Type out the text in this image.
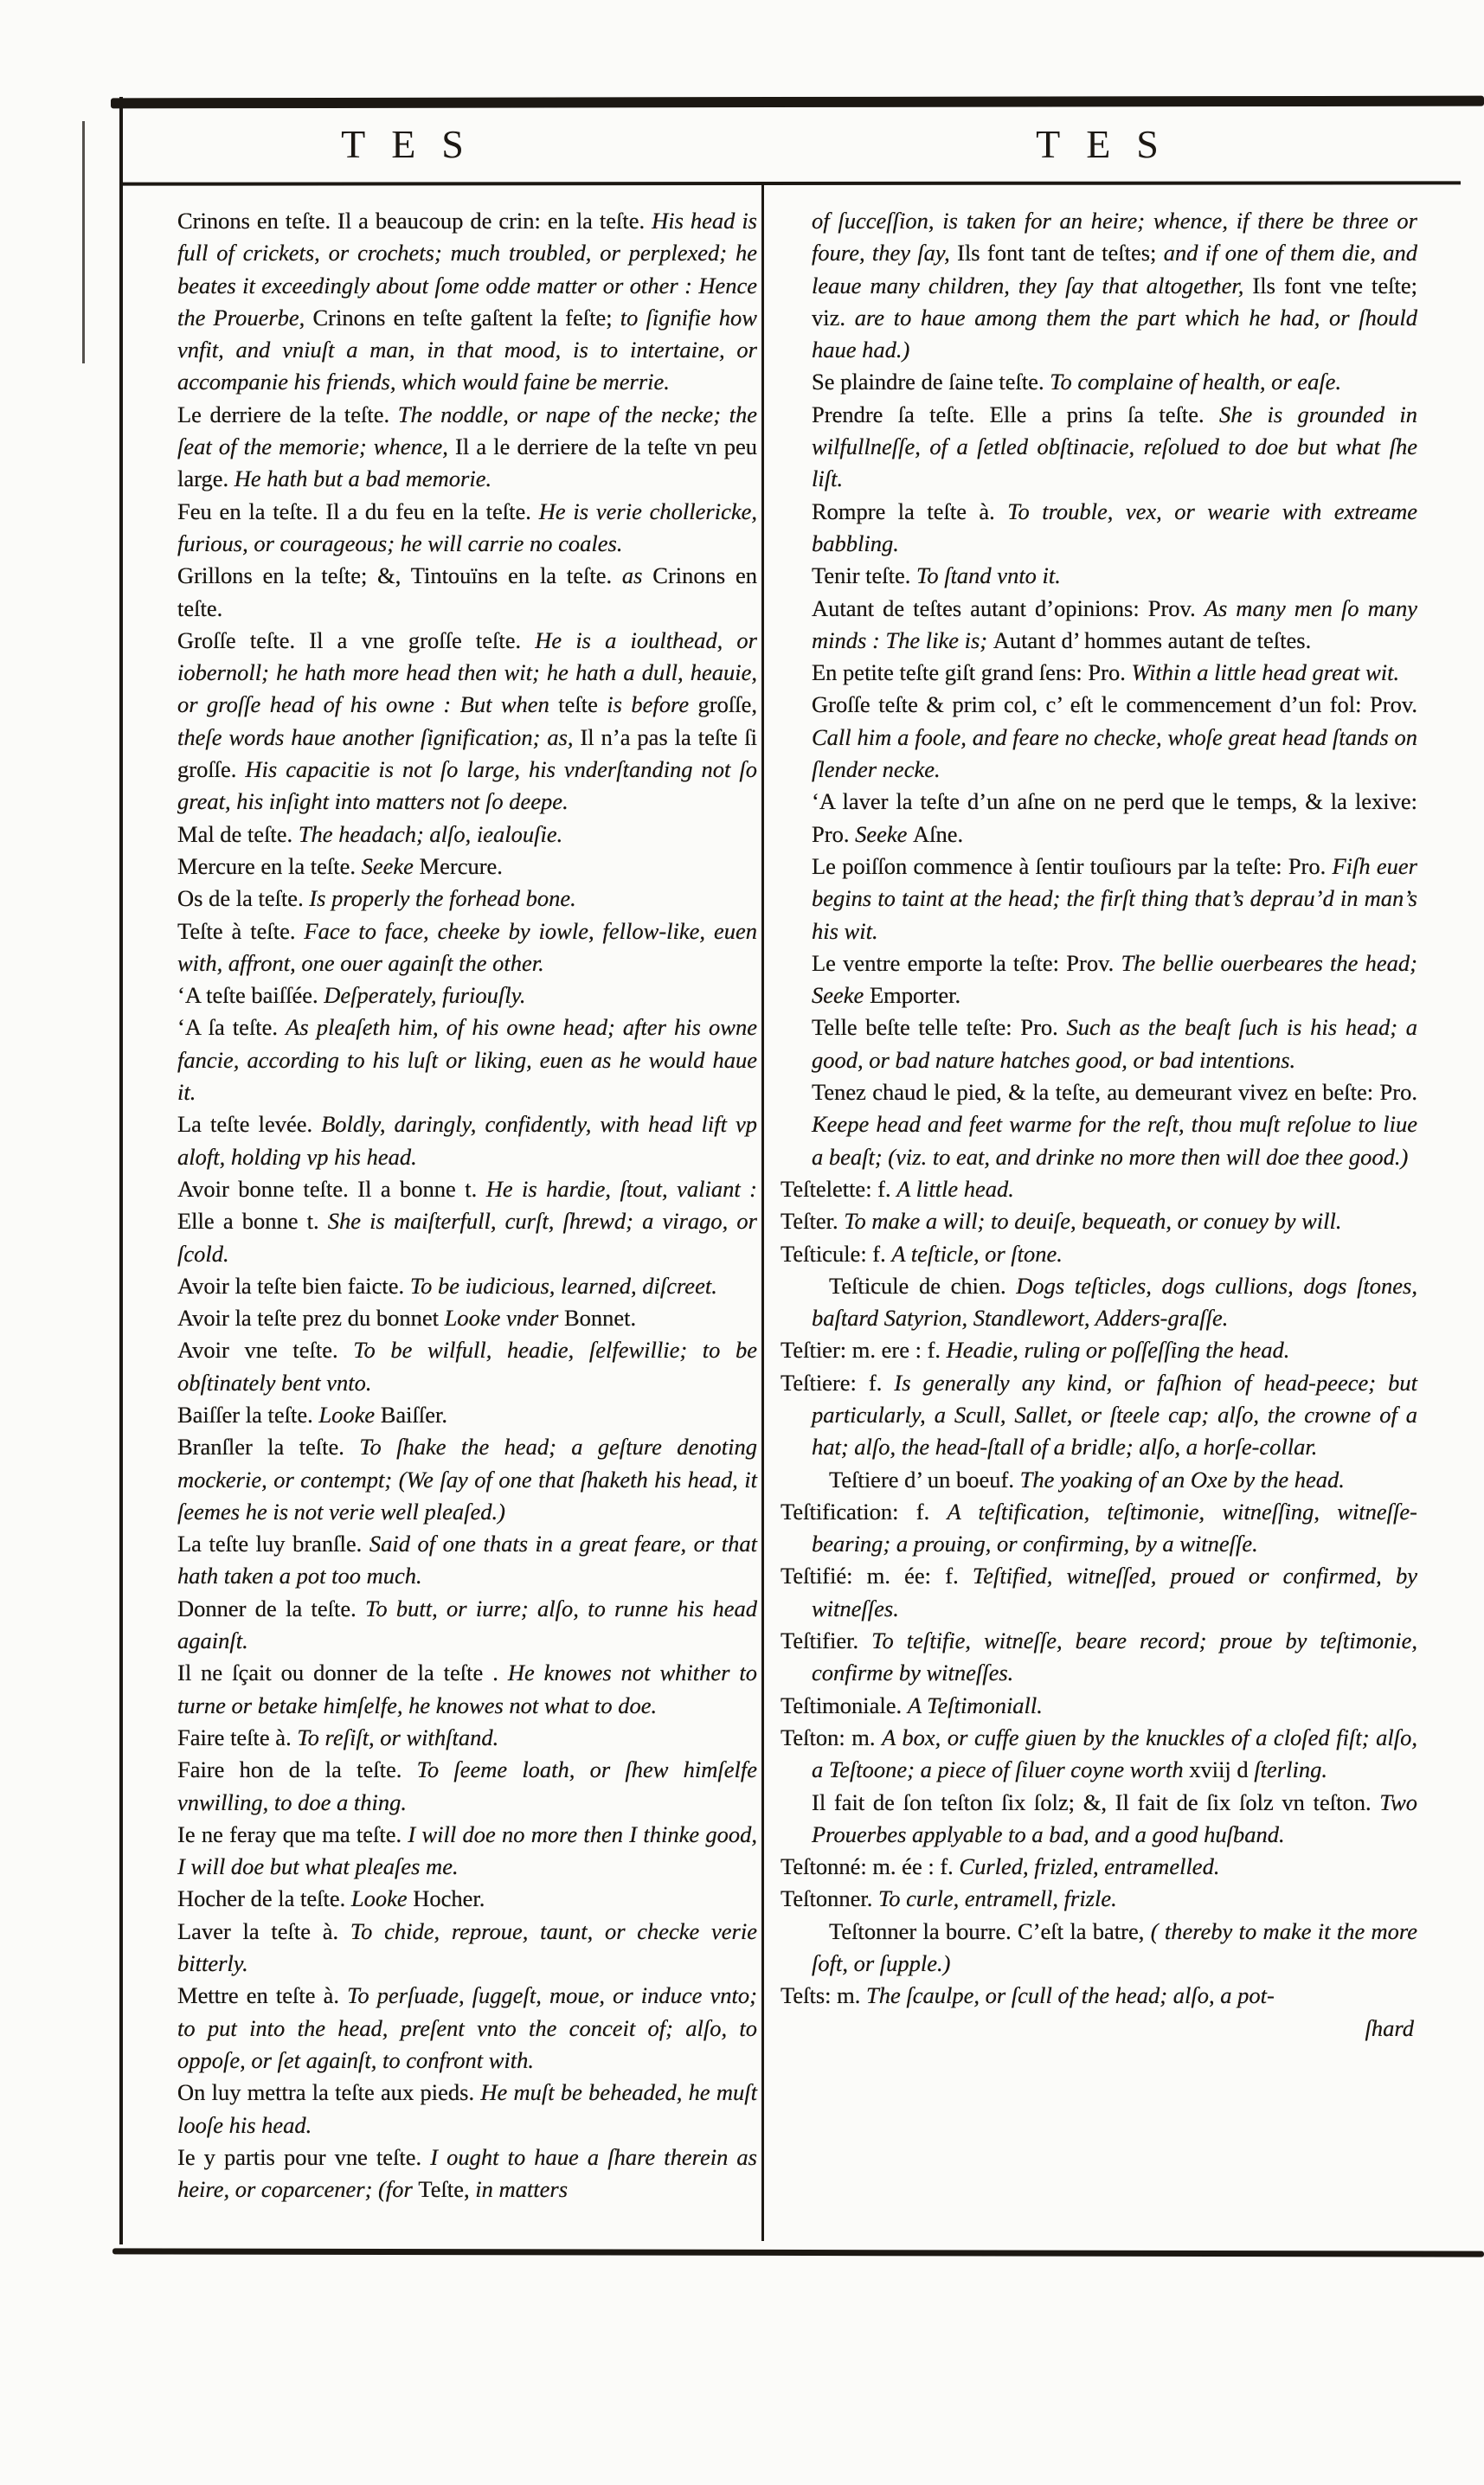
TES	TES

Crinons en teſte. Il a beaucoup de crin: en la teſte. His head is full of crickets, or crochets; much troubled, or perplexed; he beates it exceedingly about ſome odde matter or other : Hence the Prouerbe, Crinons en teſte gaſtent la feſte; to ſignifie how vnfit, and vniuſt a man, in that mood, is to intertaine, or accompanie his friends, which would faine be merrie.

Le derriere de la teſte. The noddle, or nape of the necke; the ſeat of the memorie; whence, Il a le derriere de la teſte vn peu large. He hath but a bad memorie.

Feu en la teſte. Il a du feu en la teſte. He is verie chollericke, furious, or courageous; he will carrie no coales.

Grillons en la teſte; &, Tintouïns en la teſte. as Crinons en teſte.

Groſſe teſte. Il a vne groſſe teſte. He is a ioulthead, or iobernoll; he hath more head then wit; he hath a dull, heauie, or groſſe head of his owne : But when teſte is before groſſe, theſe words haue another ſignification; as, Il n’a pas la teſte ſi groſſe. His capacitie is not ſo large, his vnderſtanding not ſo great, his inſight into matters not ſo deepe.

Mal de teſte. The headach; alſo, iealouſie.

Mercure en la teſte. Seeke Mercure.

Os de la teſte. Is properly the forhead bone.

Teſte à teſte. Face to face, cheeke by iowle, fellow-like, euen with, affront, one ouer againſt the other.

‘A teſte baiſſée. Deſperately, furiouſly.

‘A ſa teſte. As pleaſeth him, of his owne head; after his owne fancie, according to his luſt or liking, euen as he would haue it.

La teſte levée. Boldly, daringly, confidently, with head lift vp aloft, holding vp his head.

Avoir bonne teſte. Il a bonne t. He is hardie, ſtout, valiant : Elle a bonne t. She is maiſterfull, curſt, ſhrewd; a virago, or ſcold.

Avoir la teſte bien faicte. To be iudicious, learned, diſcreet.

Avoir la teſte prez du bonnet Looke vnder Bonnet.

Avoir vne teſte. To be wilfull, headie, ſelfewillie; to be obſtinately bent vnto.

Baiſſer la teſte. Looke Baiſſer.

Branſler la teſte. To ſhake the head; a geſture denoting mockerie, or contempt; (We ſay of one that ſhaketh his head, it ſeemes he is not verie well pleaſed.)

La teſte luy branſle. Said of one thats in a great feare, or that hath taken a pot too much.

Donner de la teſte. To butt, or iurre; alſo, to runne his head againſt.

Il ne ſçait ou donner de la teſte . He knowes not whither to turne or betake himſelfe, he knowes not what to doe.

Faire teſte à. To reſiſt, or withſtand.

Faire hon de la teſte. To ſeeme loath, or ſhew himſelfe vnwilling, to doe a thing.

Ie ne feray que ma teſte. I will doe no more then I thinke good, I will doe but what pleaſes me.

Hocher de la teſte. Looke Hocher.

Laver la teſte à. To chide, reproue, taunt, or checke verie bitterly.

Mettre en teſte à. To perſuade, ſuggeſt, moue, or induce vnto; to put into the head, preſent vnto the conceit of; alſo, to oppoſe, or ſet againſt, to confront with.

On luy mettra la teſte aux pieds. He muſt be beheaded, he muſt looſe his head.

Ie y partis pour vne teſte. I ought to haue a ſhare therein as heire, or coparcener; (for Teſte, in matters

of ſucceſſion, is taken for an heire; whence, if there be three or foure, they ſay, Ils font tant de teſtes; and if one of them die, and leaue many children, they ſay that altogether, Ils font vne teſte; viz. are to haue among them the part which he had, or ſhould haue had.)

Se plaindre de ſaine teſte. To complaine of health, or eaſe.

Prendre ſa teſte. Elle a prins ſa teſte. She is grounded in wilfullneſſe, of a ſetled obſtinacie, reſolued to doe but what ſhe liſt.

Rompre la teſte à. To trouble, vex, or wearie with extreame babbling.

Tenir teſte. To ſtand vnto it.

Autant de teſtes autant d’opinions: Prov. As many men ſo many minds : The like is; Autant d’ hommes autant de teſtes.

En petite teſte giſt grand ſens: Pro. Within a little head great wit.

Groſſe teſte & prim col, c’ eſt le commencement d’un fol: Prov. Call him a foole, and feare no checke, whoſe great head ſtands on ſlender necke.

‘A laver la teſte d’un aſne on ne perd que le temps, & la lexive: Pro. Seeke Aſne.

Le poiſſon commence à ſentir touſiours par la teſte: Pro. Fiſh euer begins to taint at the head; the firſt thing that’s deprau’d in man’s his wit.

Le ventre emporte la teſte: Prov. The bellie ouerbeares the head; Seeke Emporter.

Telle beſte telle teſte: Pro. Such as the beaſt ſuch is his head; a good, or bad nature hatches good, or bad intentions.

Tenez chaud le pied, & la teſte, au demeurant vivez en beſte: Pro. Keepe head and feet warme for the reſt, thou muſt reſolue to liue a beaſt; (viz. to eat, and drinke no more then will doe thee good.)

Teſtelette: f. A little head.

Teſter. To make a will; to deuiſe, bequeath, or conuey by will.

Teſticule: f. A teſticle, or ſtone.

Teſticule de chien. Dogs teſticles, dogs cullions, dogs ſtones, baſtard Satyrion, Standlewort, Adders-graſſe.

Teſtier: m. ere : f. Headie, ruling or poſſeſſing the head.

Teſtiere: f. Is generally any kind, or faſhion of head-peece; but particularly, a Scull, Sallet, or ſteele cap; alſo, the crowne of a hat; alſo, the head-ſtall of a bridle; alſo, a horſe-collar.

Teſtiere d’ un boeuf. The yoaking of an Oxe by the head.

Teſtification: f. A teſtification, teſtimonie, witneſſing, witneſſe-bearing; a prouing, or confirming, by a witneſſe.

Teſtifié: m. ée: f. Teſtified, witneſſed, proued or confirmed, by witneſſes.

Teſtifier. To teſtifie, witneſſe, beare record; proue by teſtimonie, confirme by witneſſes.

Teſtimoniale. A Teſtimoniall.

Teſton: m. A box, or cuffe giuen by the knuckles of a cloſed fiſt; alſo, a Teſtoone; a piece of ſiluer coyne worth xviij d ſterling.

Il fait de ſon teſton ſix ſolz; &, Il fait de ſix ſolz vn teſton. Two Prouerbes applyable to a bad, and a good huſband.

Teſtonné: m. ée : f. Curled, frizled, entramelled.

Teſtonner. To curle, entramell, frizle.

Teſtonner la bourre. C’eſt la batre, ( thereby to make it the more ſoft, or ſupple.)

Teſts: m. The ſcaulpe, or ſcull of the head; alſo, a pot-

ſhard
